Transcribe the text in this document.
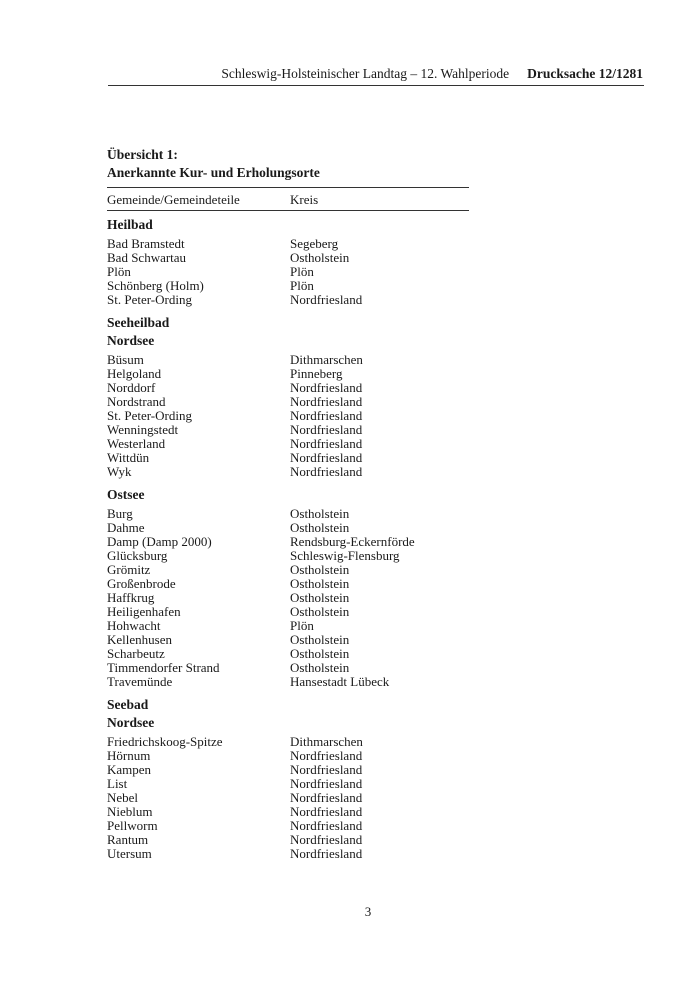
Schleswig-Holsteinischer Landtag – 12. Wahlperiode Drucksache 12/1281
Übersicht 1:
Anerkannte Kur- und Erholungsorte
Gemeinde/Gemeindeteile	Kreis
Heilbad
Bad Bramstedt	Segeberg
Bad Schwartau	Ostholstein
Plön	Plön
Schönberg (Holm)	Plön
St. Peter-Ording	Nordfriesland
Seeheilbad
Nordsee
Büsum	Dithmarschen
Helgoland	Pinneberg
Norddorf	Nordfriesland
Nordstrand	Nordfriesland
St. Peter-Ording	Nordfriesland
Wenningstedt	Nordfriesland
Westerland	Nordfriesland
Wittdün	Nordfriesland
Wyk	Nordfriesland
Ostsee
Burg	Ostholstein
Dahme	Ostholstein
Damp (Damp 2000)	Rendsburg-Eckernförde
Glücksburg	Schleswig-Flensburg
Grömitz	Ostholstein
Großenbrode	Ostholstein
Haffkrug	Ostholstein
Heiligenhafen	Ostholstein
Hohwacht	Plön
Kellenhusen	Ostholstein
Scharbeutz	Ostholstein
Timmendorfer Strand	Ostholstein
Travemünde	Hansestadt Lübeck
Seebad
Nordsee
Friedrichskoog-Spitze	Dithmarschen
Hörnum	Nordfriesland
Kampen	Nordfriesland
List	Nordfriesland
Nebel	Nordfriesland
Nieblum	Nordfriesland
Pellworm	Nordfriesland
Rantum	Nordfriesland
Utersum	Nordfriesland
3
